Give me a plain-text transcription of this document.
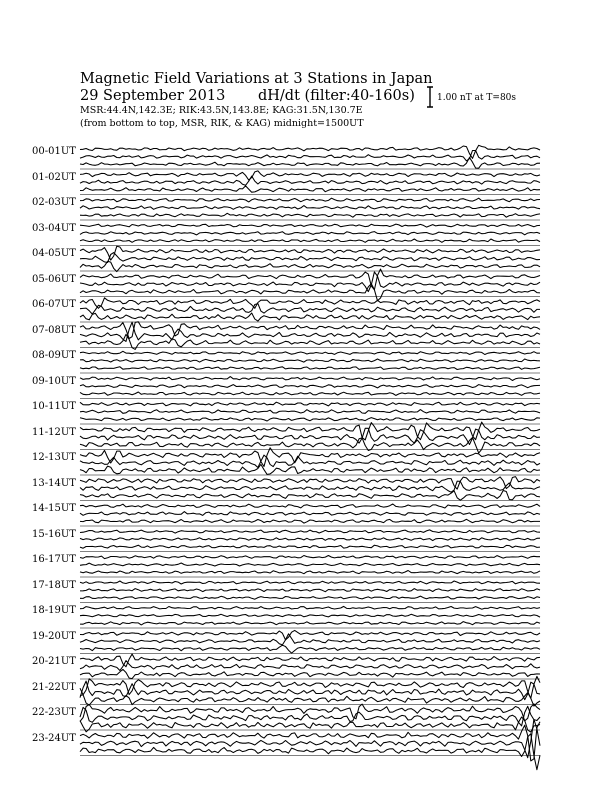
Magnetic Field Variations at 3 Stations in Japan
29 September 2013 dH/dt (filter:40-160s)
MSR:44.4N,142.3E; RIK:43.5N,143.8E; KAG:31.5N,130.7E
(from bottom to top, MSR, RIK, & KAG) midnight=1500UT
1.00 nT at T=80s
00-01UT
01-02UT
02-03UT
03-04UT
04-05UT
05-06UT
06-07UT
07-08UT
08-09UT
09-10UT
10-11UT
11-12UT
12-13UT
13-14UT
14-15UT
15-16UT
16-17UT
17-18UT
18-19UT
19-20UT
20-21UT
21-22UT
22-23UT
23-24UT
